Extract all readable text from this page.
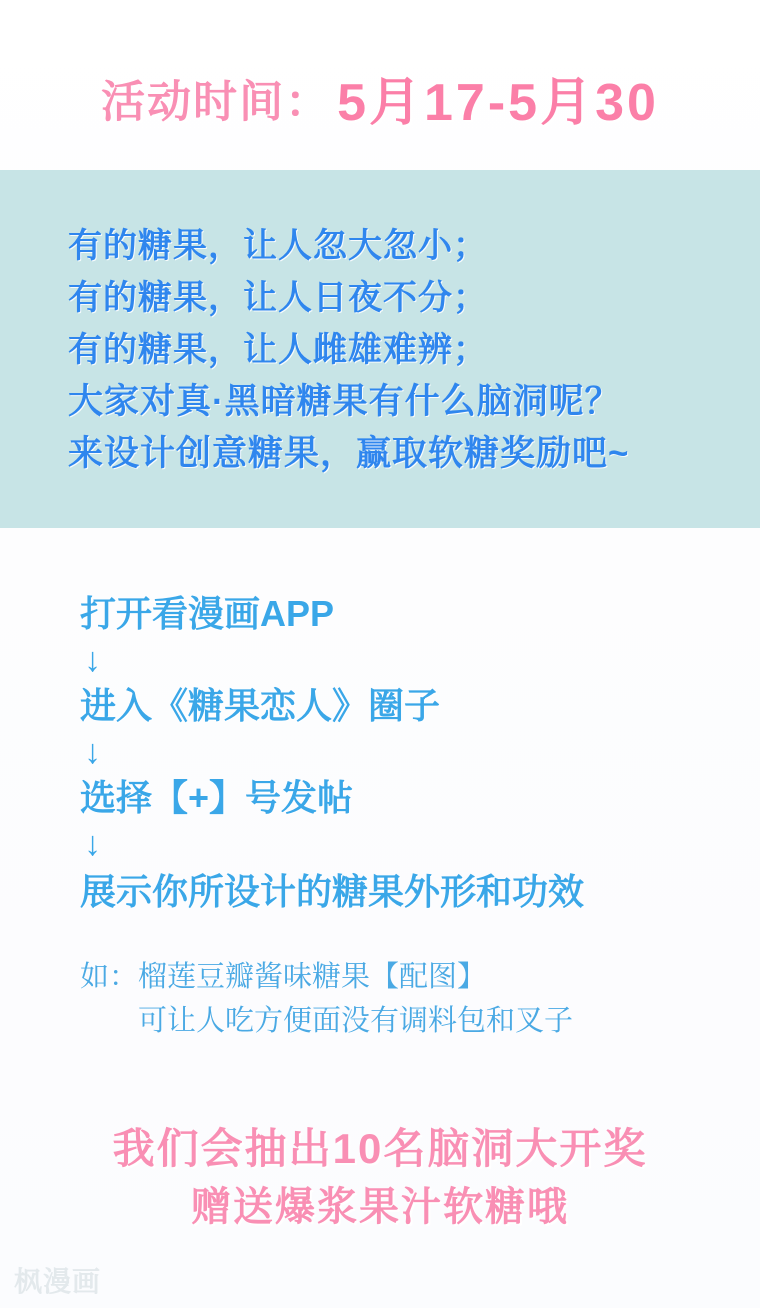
活动时间： 5月17-5月30
有的糖果，让人忽大忽小；
有的糖果，让人日夜不分；
有的糖果，让人雌雄难辨；
大家对真·黑暗糖果有什么脑洞呢？
来设计创意糖果，赢取软糖奖励吧~
打开看漫画APP
↓
进入《糖果恋人》圈子
↓
选择【+】号发帖
↓
展示你所设计的糖果外形和功效
如：榴莲豆瓣酱味糖果【配图】
可让人吃方便面没有调料包和叉子
我们会抽出10名脑洞大开奖
赠送爆浆果汁软糖哦
枫漫画
